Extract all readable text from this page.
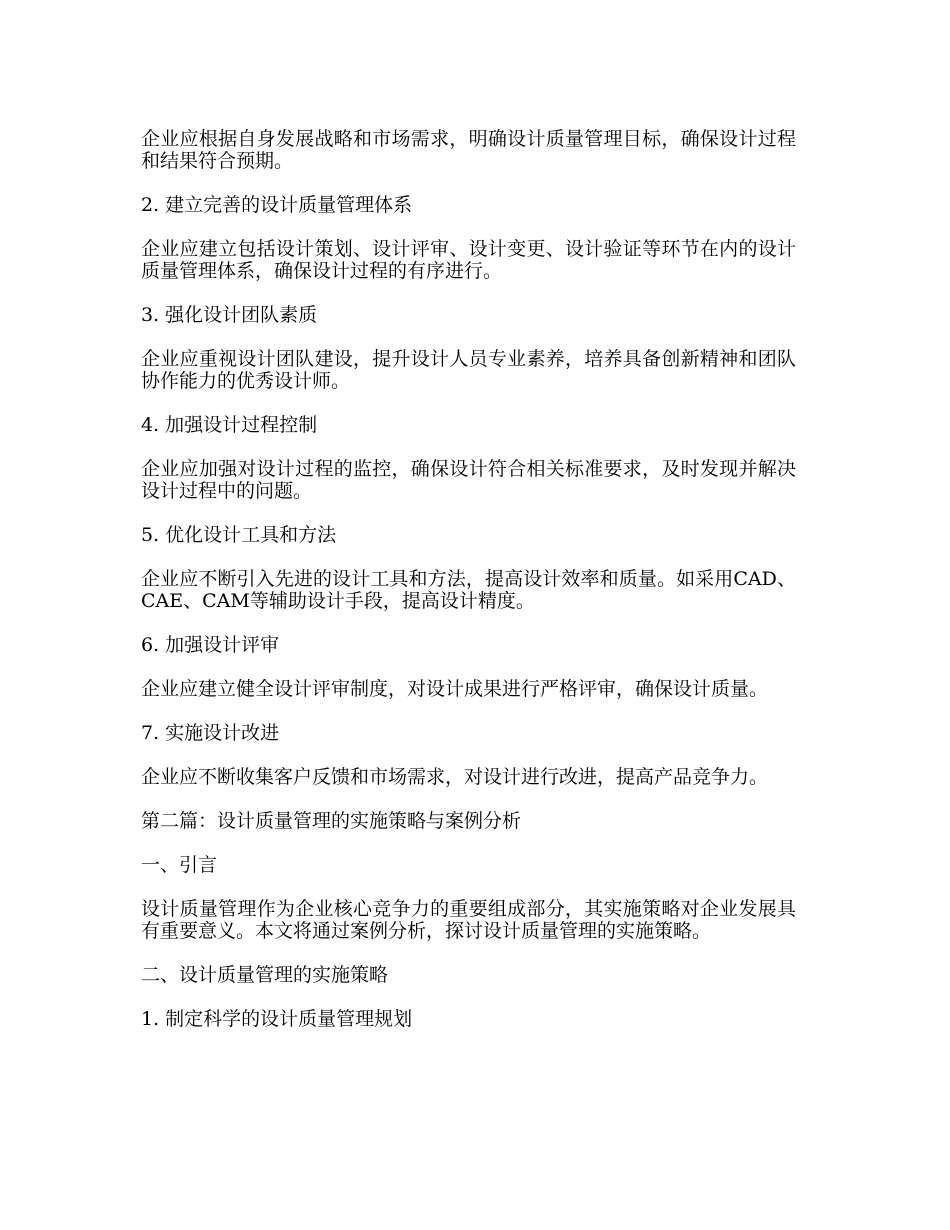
企业应根据自身发展战略和市场需求，明确设计质量管理目标，确保设计过程和结果符合预期。

2. 建立完善的设计质量管理体系

企业应建立包括设计策划、设计评审、设计变更、设计验证等环节在内的设计质量管理体系，确保设计过程的有序进行。

3. 强化设计团队素质

企业应重视设计团队建设，提升设计人员专业素养，培养具备创新精神和团队协作能力的优秀设计师。

4. 加强设计过程控制

企业应加强对设计过程的监控，确保设计符合相关标准要求，及时发现并解决设计过程中的问题。

5. 优化设计工具和方法

企业应不断引入先进的设计工具和方法，提高设计效率和质量。如采用CAD、CAE、CAM等辅助设计手段，提高设计精度。

6. 加强设计评审

企业应建立健全设计评审制度，对设计成果进行严格评审，确保设计质量。

7. 实施设计改进

企业应不断收集客户反馈和市场需求，对设计进行改进，提高产品竞争力。

第二篇：设计质量管理的实施策略与案例分析

一、引言

设计质量管理作为企业核心竞争力的重要组成部分，其实施策略对企业发展具有重要意义。本文将通过案例分析，探讨设计质量管理的实施策略。

二、设计质量管理的实施策略

1. 制定科学的设计质量管理规划
